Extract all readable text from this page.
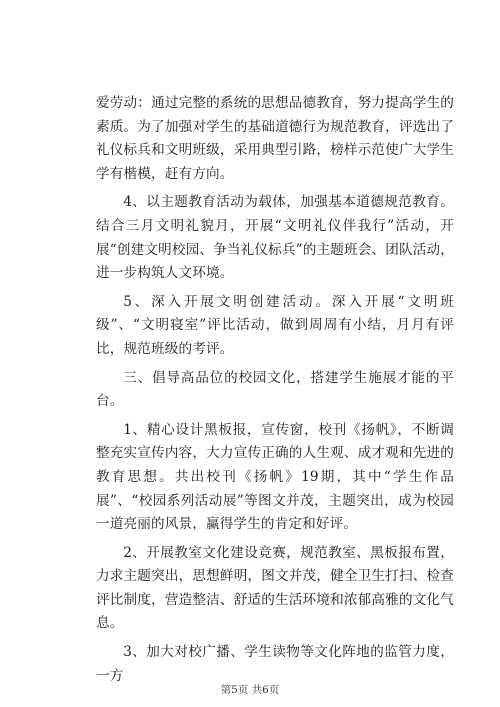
爱劳动：通过完整的系统的思想品德教育，努力提高学生的素质。为了加强对学生的基础道德行为规范教育，评选出了礼仪标兵和文明班级，采用典型引路，榜样示范使广大学生学有楷模，赶有方向。

4、以主题教育活动为载体，加强基本道德规范教育。结合三月文明礼貌月，开展“文明礼仪伴我行”活动，开展“创建文明校园、争当礼仪标兵”的主题班会、团队活动，进一步构筑人文环境。

5、深入开展文明创建活动。深入开展“文明班级”、“文明寝室”评比活动，做到周周有小结，月月有评比，规范班级的考评。

三、倡导高品位的校园文化，搭建学生施展才能的平台。

1、精心设计黑板报，宣传窗，校刊《扬帆》，不断调整充实宣传内容，大力宣传正确的人生观、成才观和先进的教育思想。共出校刊《扬帆》19期，其中“学生作品展”、“校园系列活动展”等图文并茂，主题突出，成为校园一道亮丽的风景，赢得学生的肯定和好评。

2、开展教室文化建设竞赛，规范教室、黑板报布置，力求主题突出，思想鲜明，图文并茂，健全卫生打扫、检查评比制度，营造整洁、舒适的生活环境和浓郁高雅的文化气息。

3、加大对校广播、学生读物等文化阵地的监管力度，一方

第5页 共6页
